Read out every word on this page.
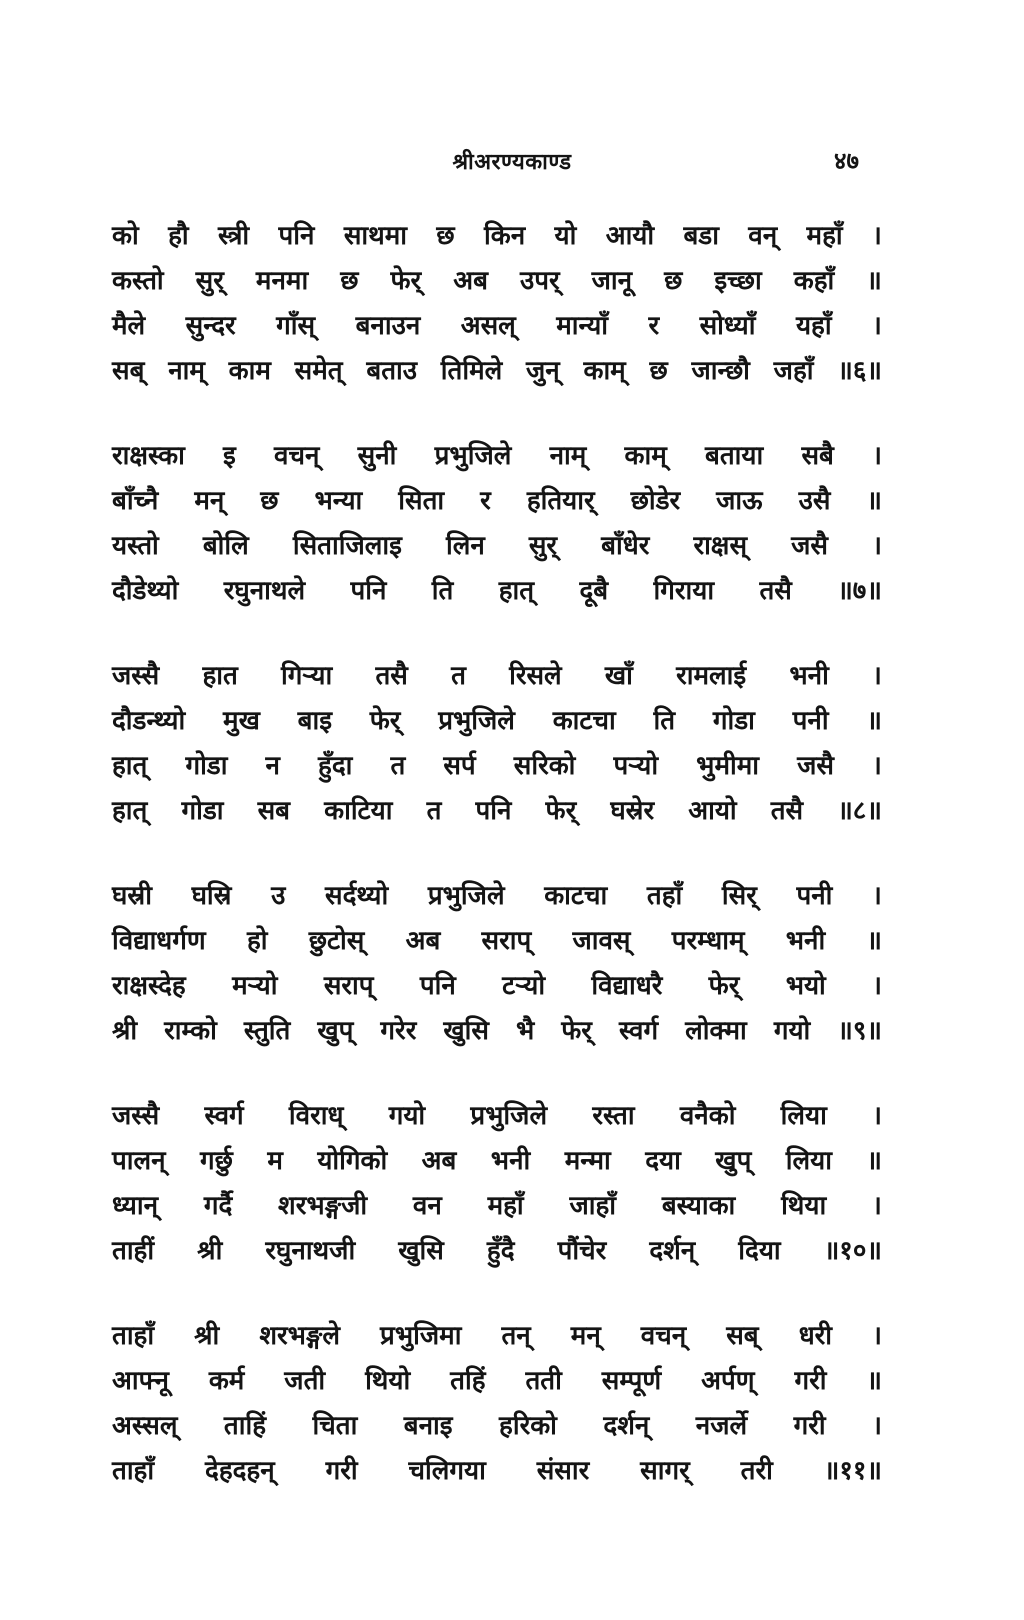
श्रीअरण्यकाण्ड	४७
को हौ स्त्री पनि साथमा छ किन यो आयौ बडा वन् महाँ ।
कस्तो सुर् मनमा छ फेर् अब उपर् जानू छ इच्छा कहाँ ॥
मैले सुन्दर गाँस् बनाउन असल् मान्याँ र सोध्याँ यहाँ ।
सब् नाम् काम समेत् बताउ तिमिले जुन् काम् छ जान्छौ जहाँ ॥६॥
राक्षस्का इ वचन् सुनी प्रभुजिले नाम् काम् बताया सबै ।
बाँच्नै मन् छ भन्या सिता र हतियार् छोडेर जाऊ उसै ॥
यस्तो बोलि सिताजिलाइ लिन सुर् बाँधेर राक्षस् जसै ।
दौडेथ्यो रघुनाथले पनि ति हात् दूबै गिराया तसै ॥७॥
जस्सै हात गिऱ्या तसै त रिसले खाँ रामलाई भनी ।
दौडन्थ्यो मुख बाइ फेर् प्रभुजिले काटचा ति गोडा पनी ॥
हात् गोडा न हुँदा त सर्प सरिको पऱ्यो भुमीमा जसै ।
हात् गोडा सब काटिया त पनि फेर् घस्रेर आयो तसै ॥८॥
घस्री घस्रि उ सर्दथ्यो प्रभुजिले काटचा तहाँ सिर् पनी ।
विद्याधर्गण हो छुटोस् अब सराप् जावस् परम्धाम् भनी ॥
राक्षस्देह मऱ्यो सराप् पनि टऱ्यो विद्याधरै फेर् भयो ।
श्री राम्को स्तुति खुप् गरेर खुसि भै फेर् स्वर्ग लोक्मा गयो ॥९॥
जस्सै स्वर्ग विराध् गयो प्रभुजिले रस्ता वनैको लिया ।
पालन् गर्छु म योगिको अब भनी मन्मा दया खुप् लिया ॥
ध्यान् गर्दै शरभङ्गजी वन महाँ जाहाँ बस्याका थिया ।
ताहीं श्री रघुनाथजी खुसि हुँदै पौंचेर दर्शन् दिया ॥१०॥
ताहाँ श्री शरभङ्गले प्रभुजिमा तन् मन् वचन् सब् धरी ।
आफ्नू कर्म जती थियो तहिं तती सम्पूर्ण अर्पण् गरी ॥
अस्सल् ताहिं चिता बनाइ हरिको दर्शन् नजर्ले गरी ।
ताहाँ देहदहन् गरी चलिगया संसार सागर् तरी ॥११॥
